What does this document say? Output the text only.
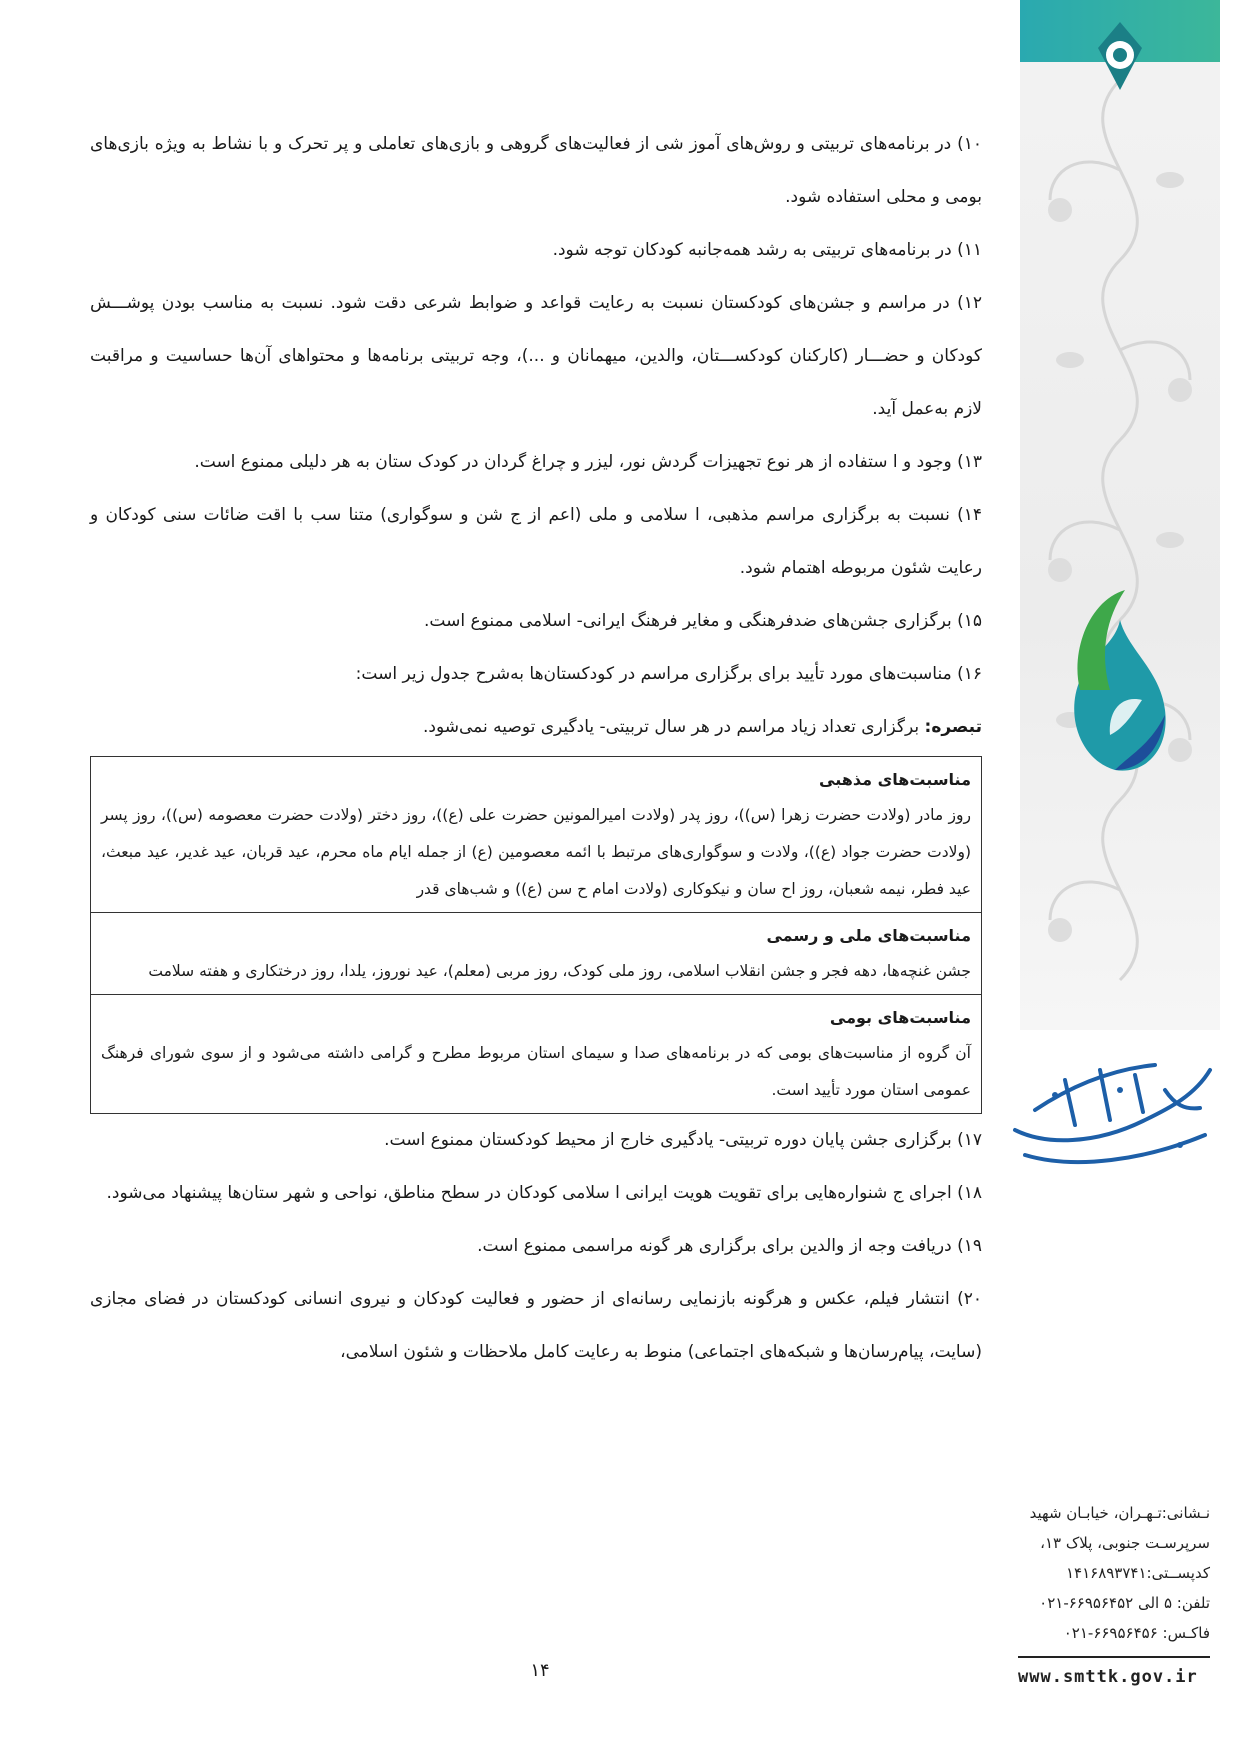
۱۰) در برنامه‌های تربیتی و روش‌های آموز شی از فعالیت‌های گروهی و بازی‌های تعاملی و پر تحرک و با نشاط به ویژه بازی‌های بومی و محلی استفاده شود.

۱۱) در برنامه‌های تربیتی به رشد همه‌جانبه کودکان توجه شود.

۱۲) در مراسم و جشن‌های کودکستان نسبت به رعایت قواعد و ضوابط شرعی دقت شود. نسبت به مناسب بودن پوشـــش کودکان و حضـــار (کارکنان کودکســـتان، والدین، میهمانان و ...)، وجه تربیتی برنامه‌ها و محتواهای آن‌ها حساسیت و مراقبت لازم به‌عمل آید.

۱۳) وجود و ا ستفاده از هر نوع تجهیزات گردش نور، لیزر و چراغ گردان در کودک ستان به هر دلیلی ممنوع است.

۱۴) نسبت به برگزاری مراسم مذهبی، ا سلامی و ملی (اعم از ج شن و سوگواری) متنا سب با اقت ضائات سنی کودکان و رعایت شئون مربوطه اهتمام شود.

۱۵) برگزاری جشن‌های ضدفرهنگی و مغایر فرهنگ ایرانی- اسلامی ممنوع است.

۱۶) مناسبت‌های مورد تأیید برای برگزاری مراسم در کودکستان‌ها به‌شرح جدول زیر است:

تبصره: برگزاری تعداد زیاد مراسم در هر سال تربیتی- یادگیری توصیه نمی‌شود.

مناسبت‌های مذهبی
روز مادر (ولادت حضرت زهرا (س))، روز پدر (ولادت امیرالمونین حضرت علی (ع))، روز دختر (ولادت حضرت معصومه (س))، روز پسر (ولادت حضرت جواد (ع))، ولادت و سوگواری‌های مرتبط با ائمه معصومین (ع) از جمله ایام ماه محرم، عید قربان، عید غدیر، عید مبعث، عید فطر، نیمه شعبان، روز اح سان و نیکوکاری (ولادت امام ح سن (ع)) و شب‌های قدر
مناسبت‌های ملی و رسمی
جشن غنچه‌ها، دهه فجر و جشن انقلاب اسلامی، روز ملی کودک، روز مربی (معلم)، عید نوروز، یلدا، روز درختکاری و هفته سلامت
مناسبت‌های بومی
آن گروه از مناسبت‌های بومی که در برنامه‌های صدا و سیمای استان مربوط مطرح و گرامی داشته می‌شود و از سوی شورای فرهنگ عمومی استان مورد تأیید است.

۱۷) برگزاری جشن پایان دوره تربیتی- یادگیری خارج از محیط کودکستان ممنوع است.

۱۸) اجرای ج شنواره‌هایی برای تقویت هویت ایرانی ا سلامی کودکان در سطح مناطق، نواحی و شهر ستان‌ها پیشنهاد می‌شود.

۱۹) دریافت وجه از والدین برای برگزاری هر گونه مراسمی ممنوع است.

۲۰) انتشار فیلم، عکس و هرگونه بازنمایی رسانه‌ای از حضور و فعالیت کودکان و نیروی انسانی کودکستان در فضای مجازی (سایت، پیام‌رسان‌ها و شبکه‌های اجتماعی) منوط به رعایت کامل ملاحظات و شئون اسلامی،

۱۴
نـشانی:تـهـران، خیابـان شهید
سرپرسـت جنوبی، پلاک ۱۳،
کدپســتی:۱۴۱۶۸۹۳۷۴۱
تلفن: ۵ الی ۶۶۹۵۶۴۵۲-۰۲۱
فاکـس: ۶۶۹۵۶۴۵۶-۰۲۱
www.smttk.gov.ir
